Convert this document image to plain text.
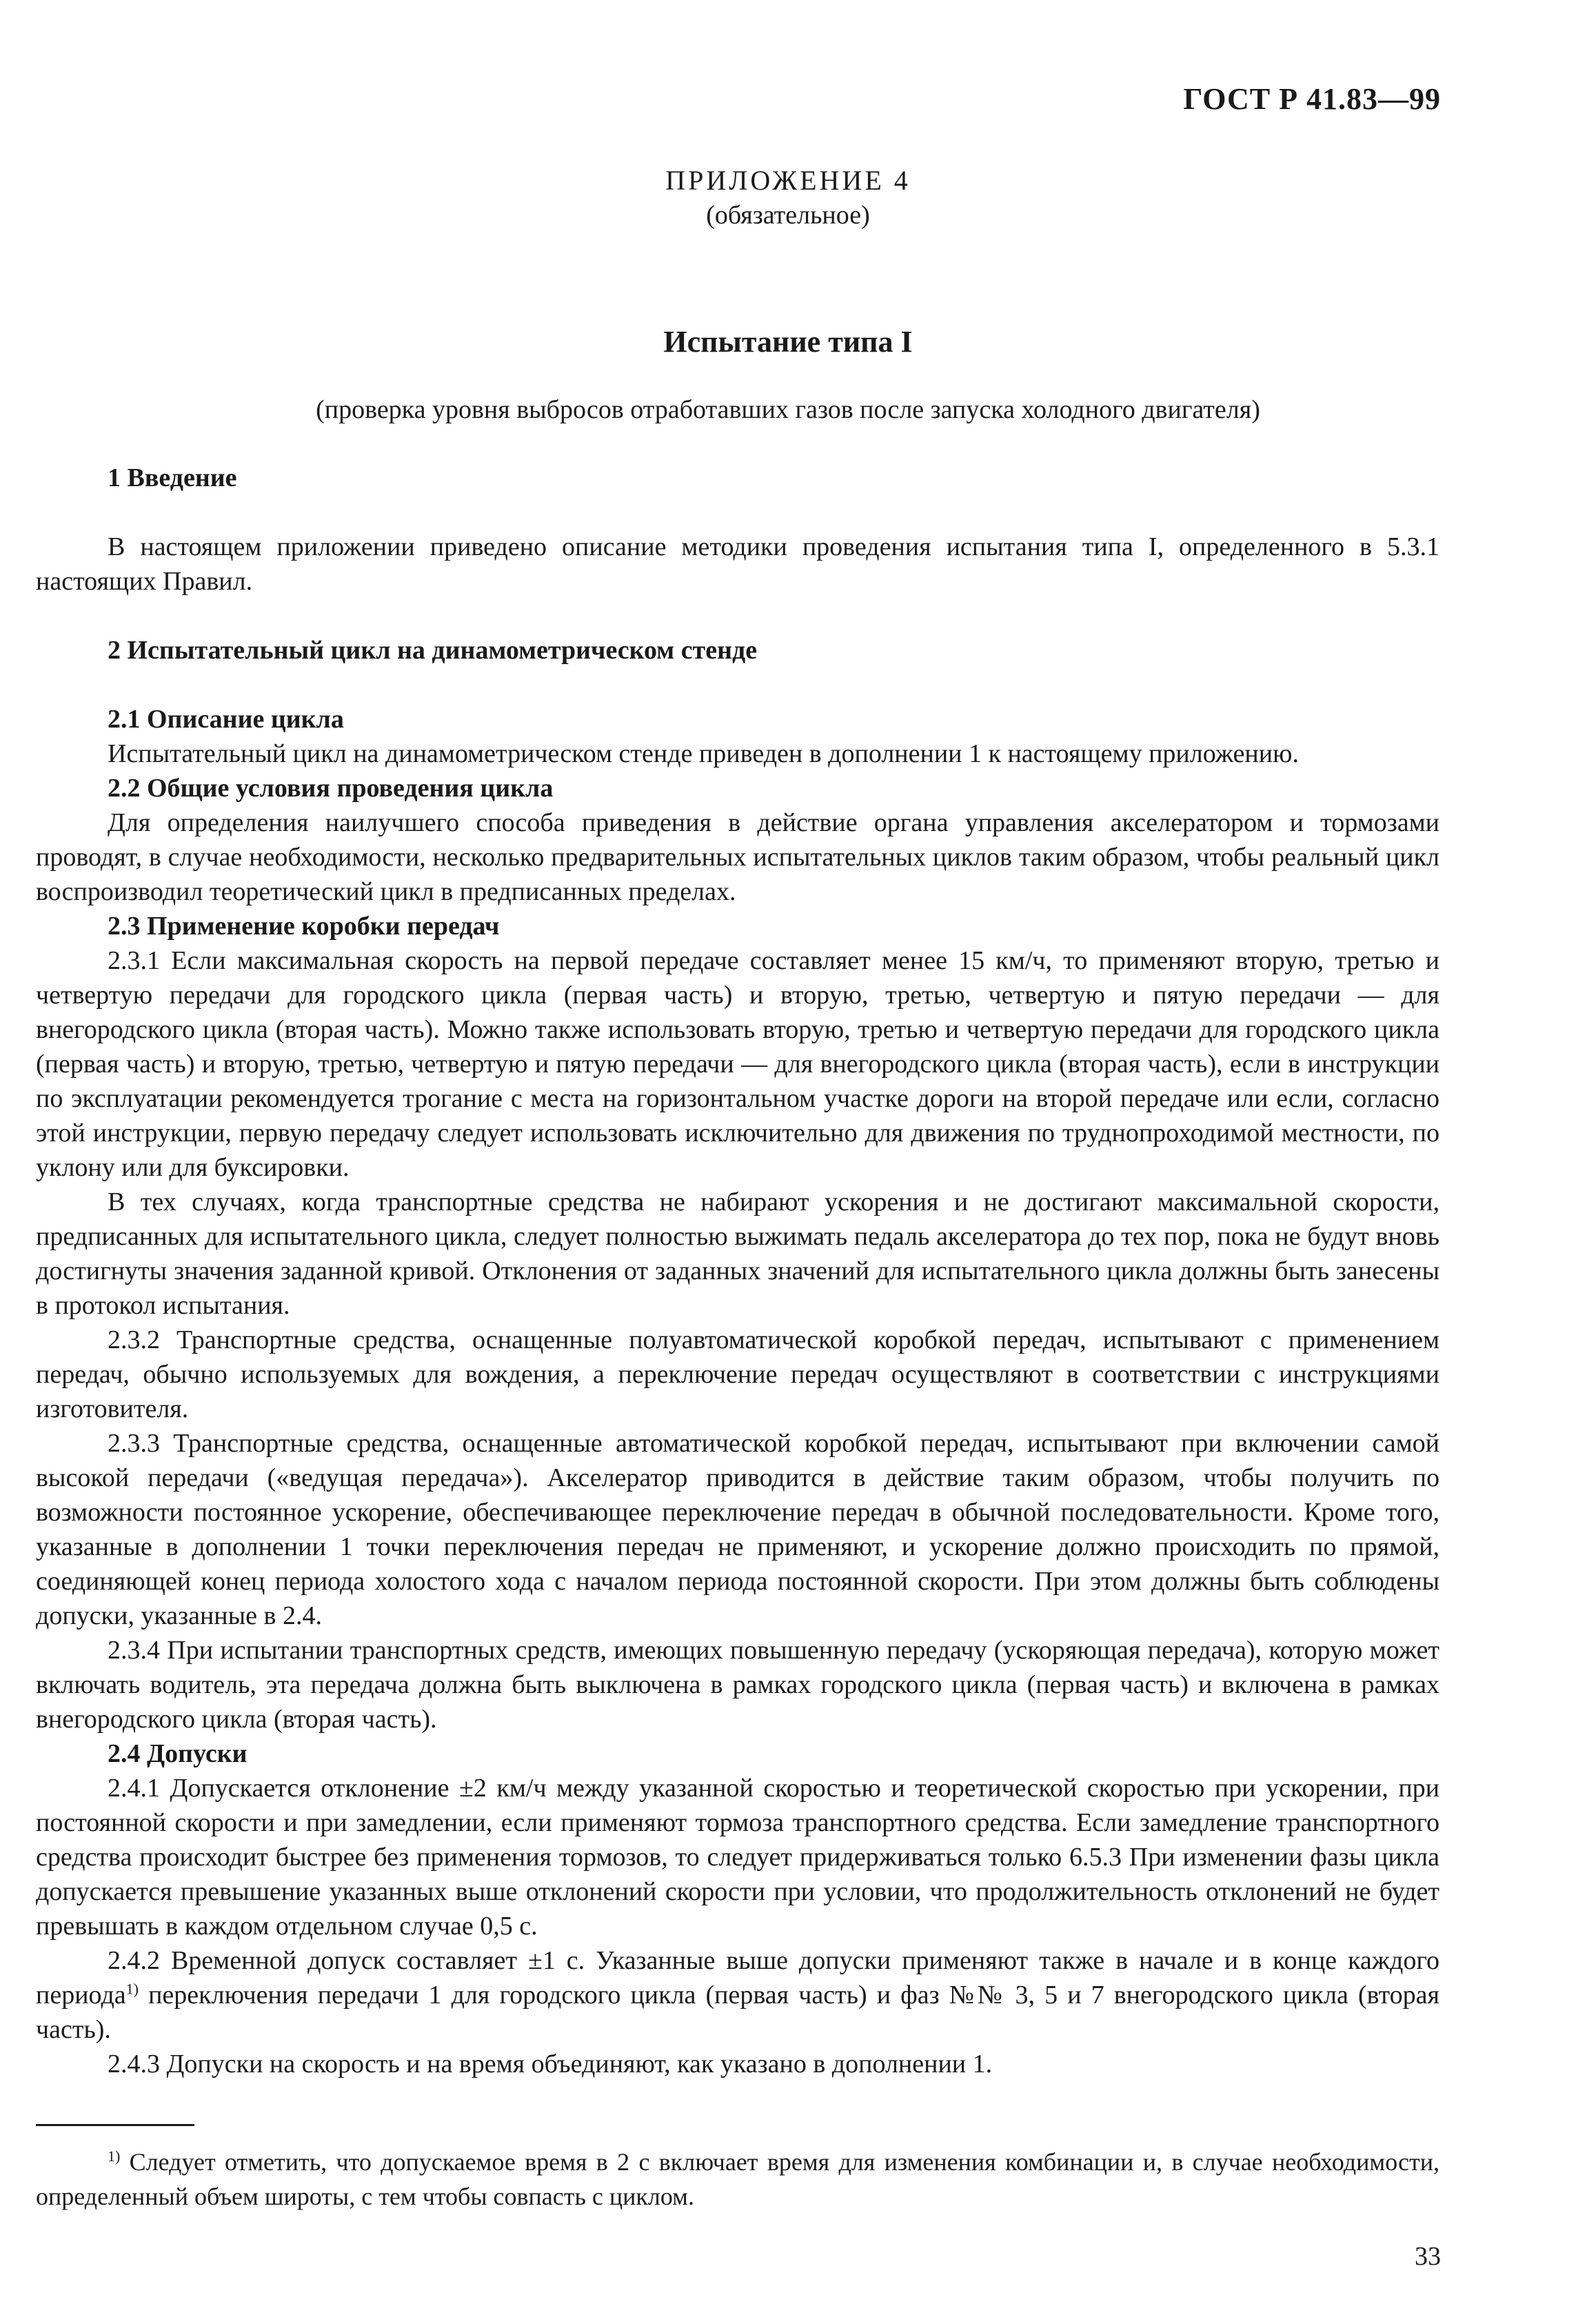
ГОСТ Р 41.83—99
ПРИЛОЖЕНИЕ 4
(обязательное)
Испытание типа I
(проверка уровня выбросов отработавших газов после запуска холодного двигателя)
1 Введение

В настоящем приложении приведено описание методики проведения испытания типа I, определенного в 5.3.1 настоящих Правил.

2 Испытательный цикл на динамометрическом стенде
2.1 Описание цикла

Испытательный цикл на динамометрическом стенде приведен в дополнении 1 к настоящему приложению.

2.2 Общие условия проведения цикла

Для определения наилучшего способа приведения в действие органа управления акселератором и тормозами проводят, в случае необходимости, несколько предварительных испытательных циклов таким образом, чтобы реальный цикл воспроизводил теоретический цикл в предписанных пределах.

2.3 Применение коробки передач

2.3.1 Если максимальная скорость на первой передаче составляет менее 15 км/ч, то применяют вторую, третью и четвертую передачи для городского цикла (первая часть) и вторую, третью, четвертую и пятую передачи — для внегородского цикла (вторая часть). Можно также использовать вторую, третью и четвертую передачи для городского цикла (первая часть) и вторую, третью, четвертую и пятую передачи — для внегородского цикла (вторая часть), если в инструкции по эксплуатации рекомендуется трогание с места на горизонтальном участке дороги на второй передаче или если, согласно этой инструкции, первую передачу следует использовать исключительно для движения по труднопроходимой местности, по уклону или для буксировки.

В тех случаях, когда транспортные средства не набирают ускорения и не достигают максимальной скорости, предписанных для испытательного цикла, следует полностью выжимать педаль акселератора до тех пор, пока не будут вновь достигнуты значения заданной кривой. Отклонения от заданных значений для испытательного цикла должны быть занесены в протокол испытания.

2.3.2 Транспортные средства, оснащенные полуавтоматической коробкой передач, испытывают с применением передач, обычно используемых для вождения, а переключение передач осуществляют в соответствии с инструкциями изготовителя.

2.3.3 Транспортные средства, оснащенные автоматической коробкой передач, испытывают при включении самой высокой передачи («ведущая передача»). Акселератор приводится в действие таким образом, чтобы получить по возможности постоянное ускорение, обеспечивающее переключение передач в обычной последовательности. Кроме того, указанные в дополнении 1 точки переключения передач не применяют, и ускорение должно происходить по прямой, соединяющей конец периода холостого хода с началом периода постоянной скорости. При этом должны быть соблюдены допуски, указанные в 2.4.

2.3.4 При испытании транспортных средств, имеющих повышенную передачу (ускоряющая передача), которую может включать водитель, эта передача должна быть выключена в рамках городского цикла (первая часть) и включена в рамках внегородского цикла (вторая часть).

2.4 Допуски

2.4.1 Допускается отклонение ±2 км/ч между указанной скоростью и теоретической скоростью при ускорении, при постоянной скорости и при замедлении, если применяют тормоза транспортного средства. Если замедление транспортного средства происходит быстрее без применения тормозов, то следует придерживаться только 6.5.3 При изменении фазы цикла допускается превышение указанных выше отклонений скорости при условии, что продолжительность отклонений не будет превышать в каждом отдельном случае 0,5 с.

2.4.2 Временной допуск составляет ±1 с. Указанные выше допуски применяют также в начале и в конце каждого периода$^{1)}$ переключения передачи 1 для городского цикла (первая часть) и фаз №№ 3, 5 и 7 внегородского цикла (вторая часть).

2.4.3 Допуски на скорость и на время объединяют, как указано в дополнении 1.

$^{1)}$ Следует отметить, что допускаемое время в 2 с включает время для изменения комбинации и, в случае необходимости, определенный объем широты, с тем чтобы совпасть с циклом.

33
